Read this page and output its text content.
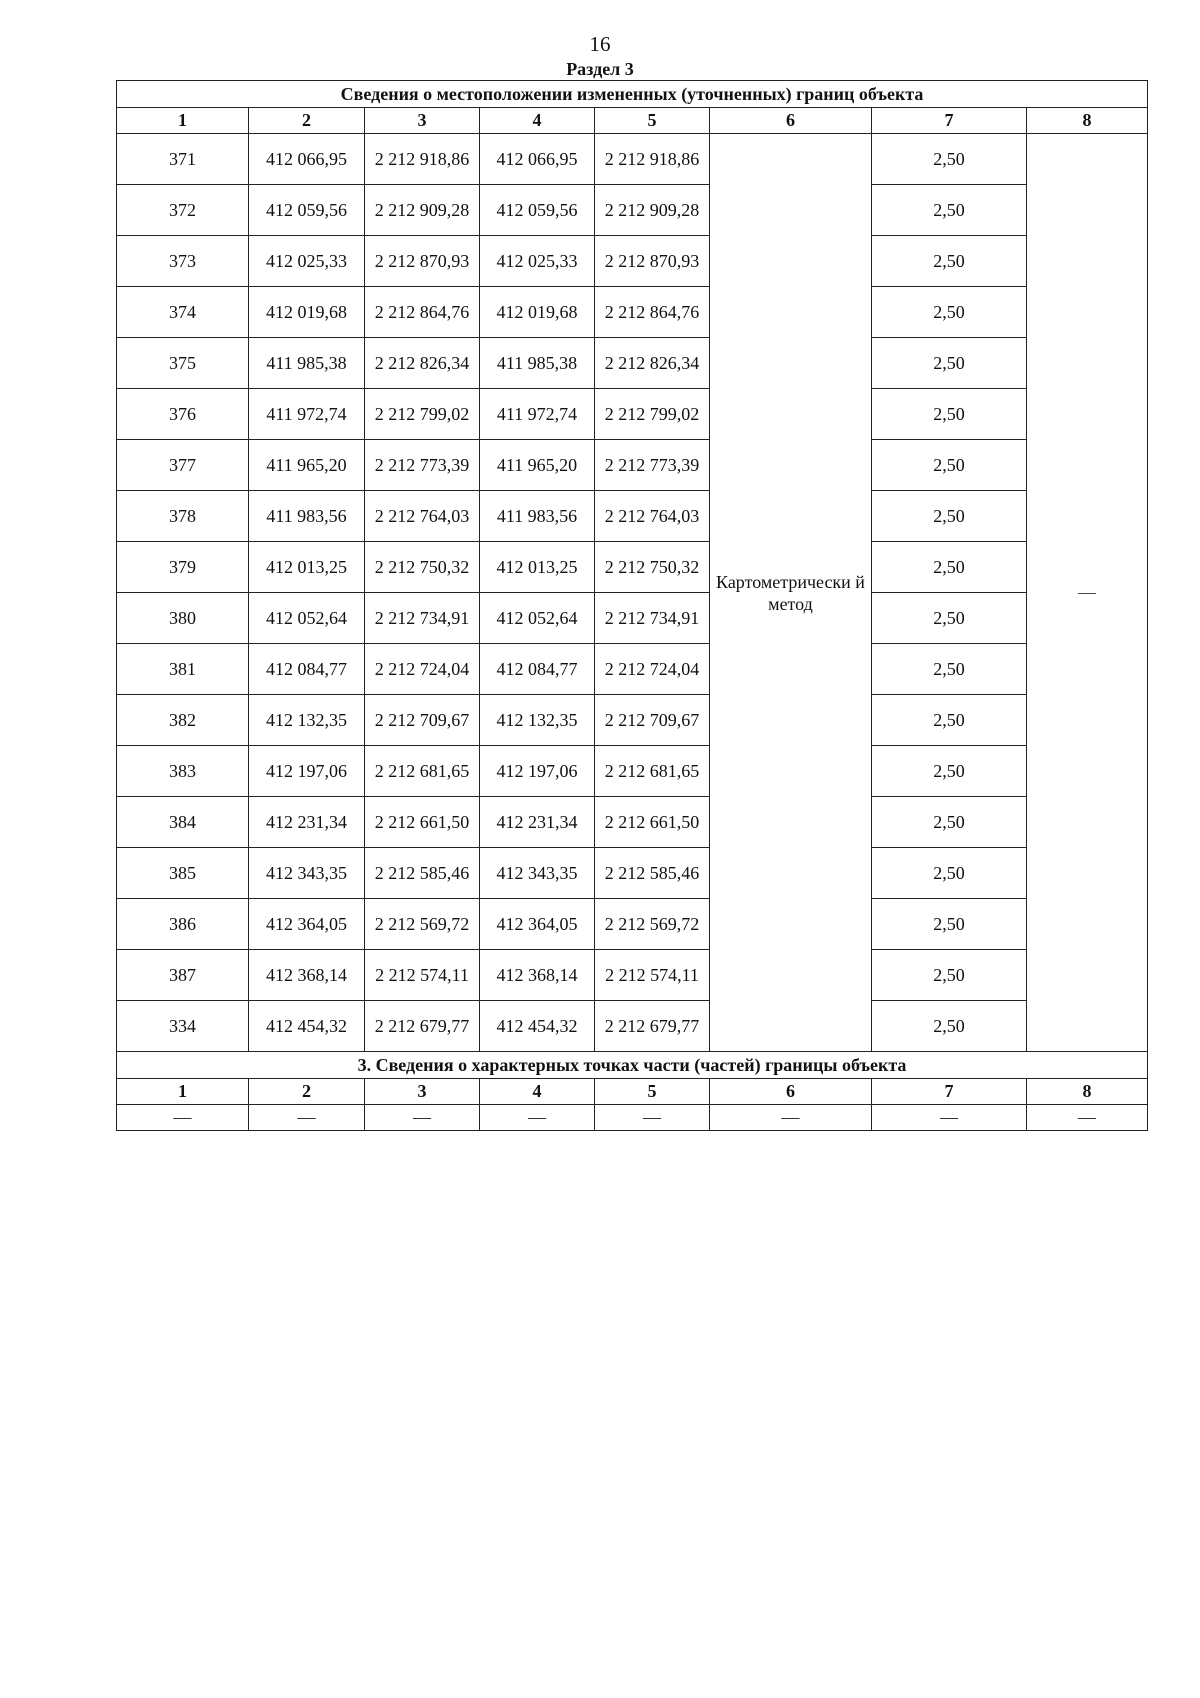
16
Раздел 3
Сведения о местоположении измененных (уточненных) границ объекта							
1	2	3	4	5	6	7	8
371	412 066,95	2 212 918,86	412 066,95	2 212 918,86	Картометрически й метод	2,50	—
372	412 059,56	2 212 909,28	412 059,56	2 212 909,28		2,50	
373	412 025,33	2 212 870,93	412 025,33	2 212 870,93		2,50	
374	412 019,68	2 212 864,76	412 019,68	2 212 864,76		2,50	
375	411 985,38	2 212 826,34	411 985,38	2 212 826,34		2,50	
376	411 972,74	2 212 799,02	411 972,74	2 212 799,02		2,50	
377	411 965,20	2 212 773,39	411 965,20	2 212 773,39		2,50	
378	411 983,56	2 212 764,03	411 983,56	2 212 764,03		2,50	
379	412 013,25	2 212 750,32	412 013,25	2 212 750,32		2,50	
380	412 052,64	2 212 734,91	412 052,64	2 212 734,91		2,50	
381	412 084,77	2 212 724,04	412 084,77	2 212 724,04		2,50	
382	412 132,35	2 212 709,67	412 132,35	2 212 709,67		2,50	
383	412 197,06	2 212 681,65	412 197,06	2 212 681,65		2,50	
384	412 231,34	2 212 661,50	412 231,34	2 212 661,50		2,50	
385	412 343,35	2 212 585,46	412 343,35	2 212 585,46		2,50	
386	412 364,05	2 212 569,72	412 364,05	2 212 569,72		2,50	
387	412 368,14	2 212 574,11	412 368,14	2 212 574,11		2,50	
334	412 454,32	2 212 679,77	412 454,32	2 212 679,77		2,50	
3. Сведения о характерных точках части (частей) границы объекта							
1	2	3	4	5	6	7	8
—	—	—	—	—	—	—	—
